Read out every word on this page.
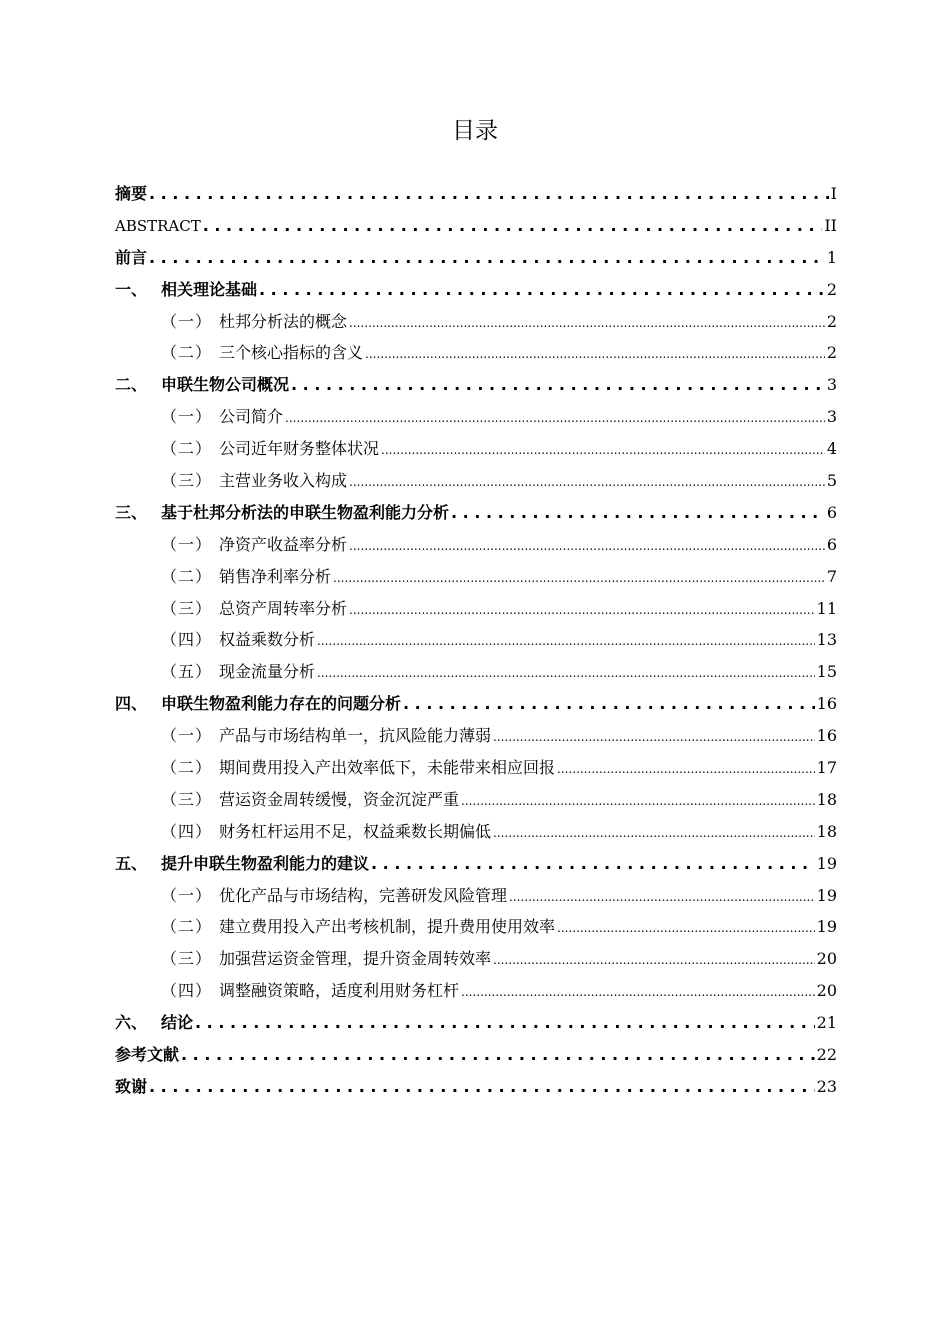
目录
摘要 . . .	I
ABSTRACT . . .	II
前言 . . .	1
一、 相关理论基础 . . .	2
（一） 杜邦分析法的概念 .....	2
（二） 三个核心指标的含义 .....	2
二、 申联生物公司概况 . . .	3
（一） 公司简介 .....	3
（二） 公司近年财务整体状况 .....	4
（三） 主营业务收入构成 .....	5
三、 基于杜邦分析法的申联生物盈利能力分析 . . .	6
（一） 净资产收益率分析 .....	6
（二） 销售净利率分析 .....	7
（三） 总资产周转率分析 .....	11
（四） 权益乘数分析 .....	13
（五） 现金流量分析 .....	15
四、 申联生物盈利能力存在的问题分析 . . .	16
（一） 产品与市场结构单一，抗风险能力薄弱 .....	16
（二） 期间费用投入产出效率低下，未能带来相应回报 .....	17
（三） 营运资金周转缓慢，资金沉淀严重 .....	18
（四） 财务杠杆运用不足，权益乘数长期偏低 .....	18
五、 提升申联生物盈利能力的建议 . . .	19
（一） 优化产品与市场结构，完善研发风险管理 .....	19
（二） 建立费用投入产出考核机制，提升费用使用效率 .....	19
（三） 加强营运资金管理，提升资金周转效率 .....	20
（四） 调整融资策略，适度利用财务杠杆 .....	20
六、 结论 . . .	21
参考文献 . . .	22
致谢 . . .	23
